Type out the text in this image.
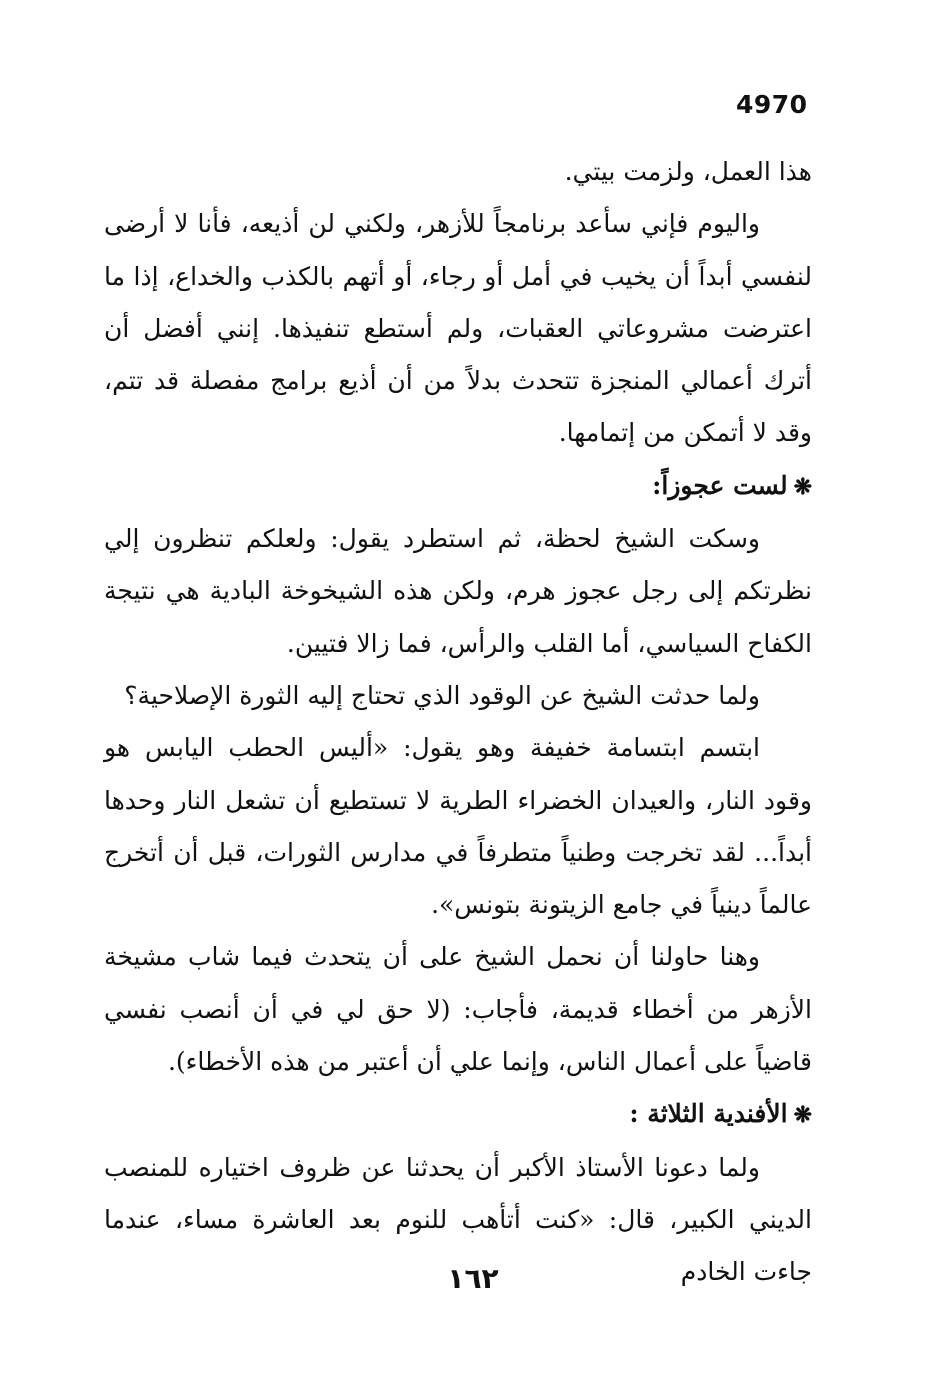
4970

هذا العمل، ولزمت بيتي.

واليوم فإني سأعد برنامجاً للأزهر، ولكني لن أذيعه، فأنا لا أرضى لنفسي أبداً أن يخيب في أمل أو رجاء، أو أتهم بالكذب والخداع، إذا ما اعترضت مشروعاتي العقبات، ولم أستطع تنفيذها. إنني أفضل أن أترك أعمالي المنجزة تتحدث بدلاً من أن أذيع برامج مفصلة قد تتم، وقد لا أتمكن من إتمامها.

❋لست عجوزاً:

وسكت الشيخ لحظة، ثم استطرد يقول: ولعلكم تنظرون إلي نظرتكم إلى رجل عجوز هرم، ولكن هذه الشيخوخة البادية هي نتيجة الكفاح السياسي، أما القلب والرأس، فما زالا فتيين.

ولما حدثت الشيخ عن الوقود الذي تحتاج إليه الثورة الإصلاحية؟

ابتسم ابتسامة خفيفة وهو يقول: «أليس الحطب اليابس هو وقود النار، والعيدان الخضراء الطرية لا تستطيع أن تشعل النار وحدها أبداً... لقد تخرجت وطنياً متطرفاً في مدارس الثورات، قبل أن أتخرج عالماً دينياً في جامع الزيتونة بتونس».

وهنا حاولنا أن نحمل الشيخ على أن يتحدث فيما شاب مشيخة الأزهر من أخطاء قديمة، فأجاب: (لا حق لي في أن أنصب نفسي قاضياً على أعمال الناس، وإنما علي أن أعتبر من هذه الأخطاء).

❋الأفندية الثلاثة :

ولما دعونا الأستاذ الأكبر أن يحدثنا عن ظروف اختياره للمنصب الديني الكبير، قال: «كنت أتأهب للنوم بعد العاشرة مساء، عندما جاءت الخادم

١٦٢
